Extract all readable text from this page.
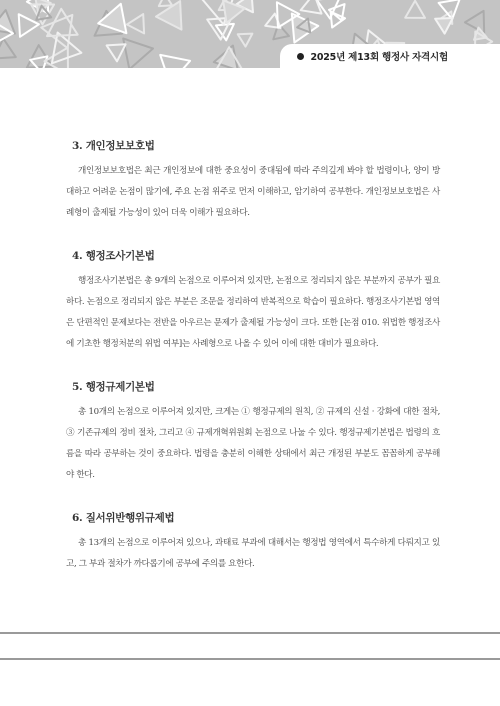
2025년 제13회 행정사 자격시험
3. 개인정보보호법

개인정보보호법은 최근 개인정보에 대한 중요성이 중대됨에 따라 주의깊게 봐야 할 법령이나, 양이 방대하고 어려운 논점이 많기에, 주요 논점 위주로 먼저 이해하고, 암기하여 공부한다. 개인정보보호법은 사례형이 출제될 가능성이 있어 더욱 이해가 필요하다.

4. 행정조사기본법

행정조사기본법은 총 9개의 논점으로 이루어져 있지만, 논점으로 정리되지 않은 부분까지 공부가 필요하다. 논점으로 정리되지 않은 부분은 조문을 정리하여 반복적으로 학습이 필요하다. 행정조사기본법 영역은 단편적인 문제보다는 전반을 아우르는 문제가 출제될 가능성이 크다. 또한 [논점 010. 위법한 행정조사에 기초한 행정처분의 위법 여부]는 사례형으로 나올 수 있어 이에 대한 대비가 필요하다.

5. 행정규제기본법

총 10개의 논점으로 이루어져 있지만, 크게는 ① 행정규제의 원칙, ② 규제의 신설 · 강화에 대한 절차, ③ 기존규제의 정비 절차, 그리고 ④ 규제개혁위원회 논점으로 나눌 수 있다. 행정규제기본법은 법령의 흐름을 따라 공부하는 것이 중요하다. 법령을 충분히 이해한 상태에서 최근 개정된 부분도 꼼꼼하게 공부해야 한다.

6. 질서위반행위규제법

총 13개의 논점으로 이루어져 있으나, 과태료 부과에 대해서는 행정법 영역에서 특수하게 다뤄지고 있고, 그 부과 절차가 까다롭기에 공부에 주의를 요한다.
